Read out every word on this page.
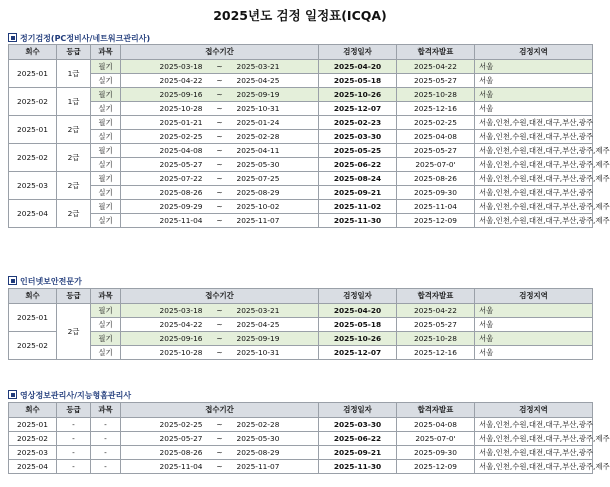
2025년도 검정 일정표(ICQA)
정기검정(PC정비사/네트워크관리사)
회수	등급	과목	접수기간			검정일자	합격자발표	검정지역
2025-01	1급	필기	2025-03-18	~	2025-03-21	2025-04-20	2025-04-22	서울
		실기	2025-04-22	~	2025-04-25	2025-05-18	2025-05-27	서울
2025-02	1급	필기	2025-09-16	~	2025-09-19	2025-10-26	2025-10-28	서울
		실기	2025-10-28	~	2025-10-31	2025-12-07	2025-12-16	서울
2025-01	2급	필기	2025-01-21	~	2025-01-24	2025-02-23	2025-02-25	서울,인천,수원,대전,대구,부산,광주
		실기	2025-02-25	~	2025-02-28	2025-03-30	2025-04-08	서울,인천,수원,대전,대구,부산,광주
2025-02	2급	필기	2025-04-08	~	2025-04-11	2025-05-25	2025-05-27	서울,인천,수원,대전,대구,부산,광주,제주
		실기	2025-05-27	~	2025-05-30	2025-06-22	2025-07-0'	서울,인천,수원,대전,대구,부산,광주,제주
2025-03	2급	필기	2025-07-22	~	2025-07-25	2025-08-24	2025-08-26	서울,인천,수원,대전,대구,부산,광주,제주
		실기	2025-08-26	~	2025-08-29	2025-09-21	2025-09-30	서울,인천,수원,대전,대구,부산,광주
2025-04	2급	필기	2025-09-29	~	2025-10-02	2025-11-02	2025-11-04	서울,인천,수원,대전,대구,부산,광주,제주
		실기	2025-11-04	~	2025-11-07	2025-11-30	2025-12-09	서울,인천,수원,대전,대구,부산,광주,제주
인터넷보안전문가
회수	등급	과목	접수기간			검정일자	합격자발표	검정지역
2025-01	2급	필기	2025-03-18	~	2025-03-21	2025-04-20	2025-04-22	서울
		실기	2025-04-22	~	2025-04-25	2025-05-18	2025-05-27	서울
2025-02		필기	2025-09-16	~	2025-09-19	2025-10-26	2025-10-28	서울
		실기	2025-10-28	~	2025-10-31	2025-12-07	2025-12-16	서울
영상정보관리사/지능형홈관리사
회수	등급	과목	접수기간			검정일자	합격자발표	검정지역
2025-01	-	-	2025-02-25	~	2025-02-28	2025-03-30	2025-04-08	서울,인천,수원,대전,대구,부산,광주
2025-02	-	-	2025-05-27	~	2025-05-30	2025-06-22	2025-07-0'	서울,인천,수원,대전,대구,부산,광주,제주
2025-03	-	-	2025-08-26	~	2025-08-29	2025-09-21	2025-09-30	서울,인천,수원,대전,대구,부산,광주
2025-04	-	-	2025-11-04	~	2025-11-07	2025-11-30	2025-12-09	서울,인천,수원,대전,대구,부산,광주,제주
